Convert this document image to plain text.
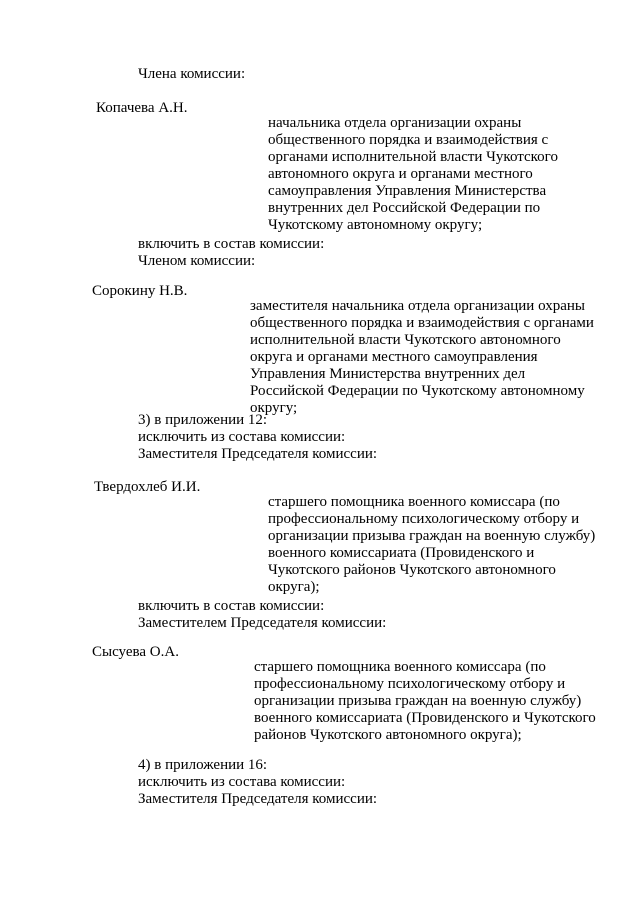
Члена комиссии:

Копачева А.Н.

начальника отдела организации охраны общественного порядка и взаимодействия с органами исполнительной власти Чукотского автономного округа и органами местного самоуправления Управления Министерства внутренних дел Российской Федерации по Чукотскому автономному округу;

включить в состав комиссии:

Членом комиссии:

Сорокину Н.В.

заместителя начальника отдела организации охраны общественного порядка и взаимодействия с органами исполнительной власти Чукотского автономного округа и органами местного самоуправления Управления Министерства внутренних дел Российской Федерации по Чукотскому автономному округу;

3) в приложении 12:

исключить из состава комиссии:

Заместителя Председателя комиссии:

Твердохлеб И.И.

старшего помощника военного комиссара (по профессиональному психологическому отбору и организации призыва граждан на военную службу) военного комиссариата (Провиденского и Чукотского районов Чукотского автономного округа);

включить в состав комиссии:

Заместителем Председателя комиссии:

Сысуева О.А.

старшего помощника военного комиссара (по профессиональному психологическому отбору и организации призыва граждан на военную службу) военного комиссариата (Провиденского и Чукотского районов Чукотского автономного округа);

4) в приложении 16:

исключить из состава комиссии:

Заместителя Председателя комиссии:
